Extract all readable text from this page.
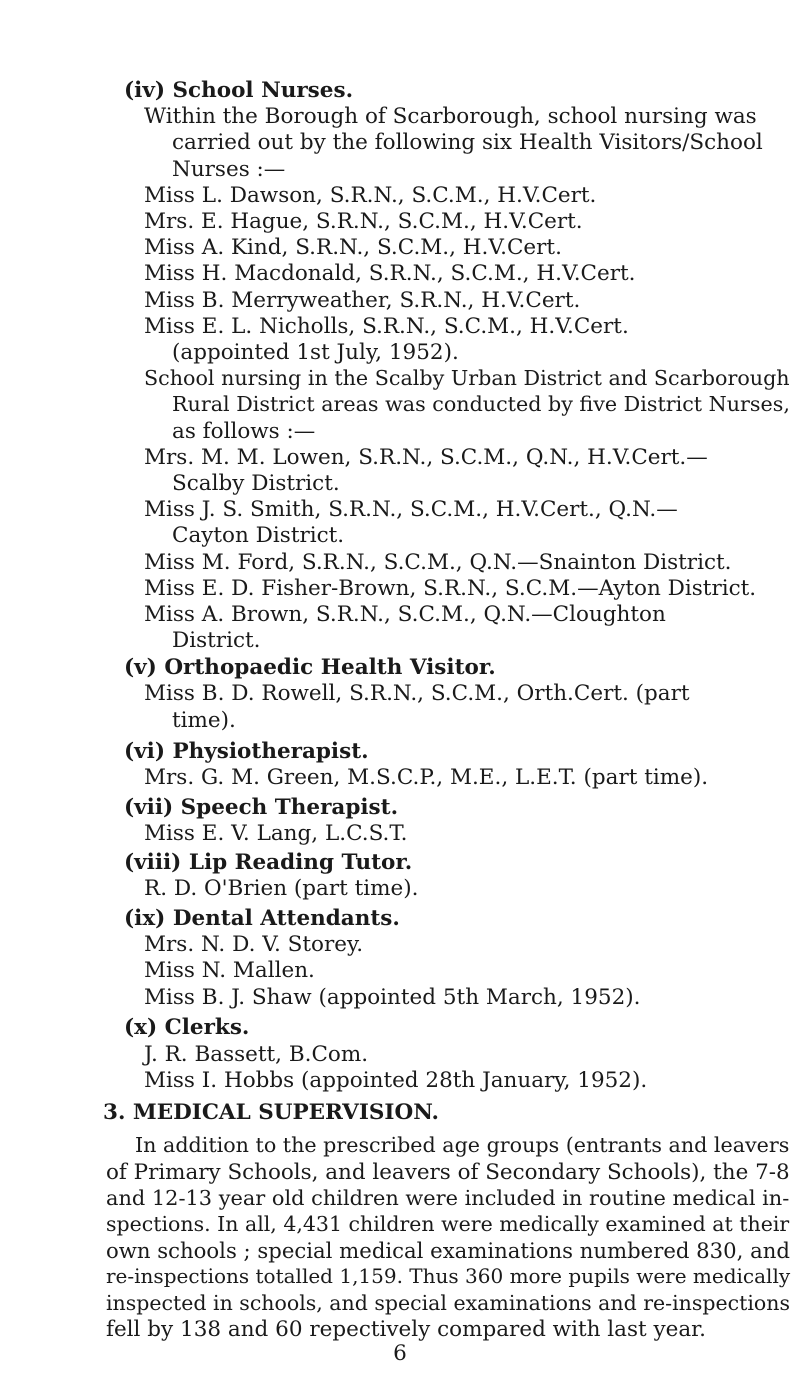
(iv) School Nurses.

Within the Borough of Scarborough, school nursing was

carried out by the following six Health Visitors/School

Nurses :—

Miss L. Dawson, S.R.N., S.C.M., H.V.Cert.

Mrs. E. Hague, S.R.N., S.C.M., H.V.Cert.

Miss A. Kind, S.R.N., S.C.M., H.V.Cert.

Miss H. Macdonald, S.R.N., S.C.M., H.V.Cert.

Miss B. Merryweather, S.R.N., H.V.Cert.

Miss E. L. Nicholls, S.R.N., S.C.M., H.V.Cert.

(appointed 1st July, 1952).

School nursing in the Scalby Urban District and Scarborough

Rural District areas was conducted by five District Nurses,

as follows :—

Mrs. M. M. Lowen, S.R.N., S.C.M., Q.N., H.V.Cert.—

Scalby District.

Miss J. S. Smith, S.R.N., S.C.M., H.V.Cert., Q.N.—

Cayton District.

Miss M. Ford, S.R.N., S.C.M., Q.N.—Snainton District.

Miss E. D. Fisher-Brown, S.R.N., S.C.M.—Ayton District.

Miss A. Brown, S.R.N., S.C.M., Q.N.—Cloughton

District.

(v) Orthopaedic Health Visitor.

Miss B. D. Rowell, S.R.N., S.C.M., Orth.Cert. (part

time).

(vi) Physiotherapist.

Mrs. G. M. Green, M.S.C.P., M.E., L.E.T. (part time).

(vii) Speech Therapist.

Miss E. V. Lang, L.C.S.T.

(viii) Lip Reading Tutor.

R. D. O'Brien (part time).

(ix) Dental Attendants.

Mrs. N. D. V. Storey.

Miss N. Mallen.

Miss B. J. Shaw (appointed 5th March, 1952).

(x) Clerks.

J. R. Bassett, B.Com.

Miss I. Hobbs (appointed 28th January, 1952).

3. MEDICAL SUPERVISION.

In addition to the prescribed age groups (entrants and leavers

of Primary Schools, and leavers of Secondary Schools), the 7-8

and 12-13 year old children were included in routine medical in-

spections. In all, 4,431 children were medically examined at their

own schools ; special medical examinations numbered 830, and

re-inspections totalled 1,159. Thus 360 more pupils were medically

inspected in schools, and special examinations and re-inspections

fell by 138 and 60 repectively compared with last year.

6
